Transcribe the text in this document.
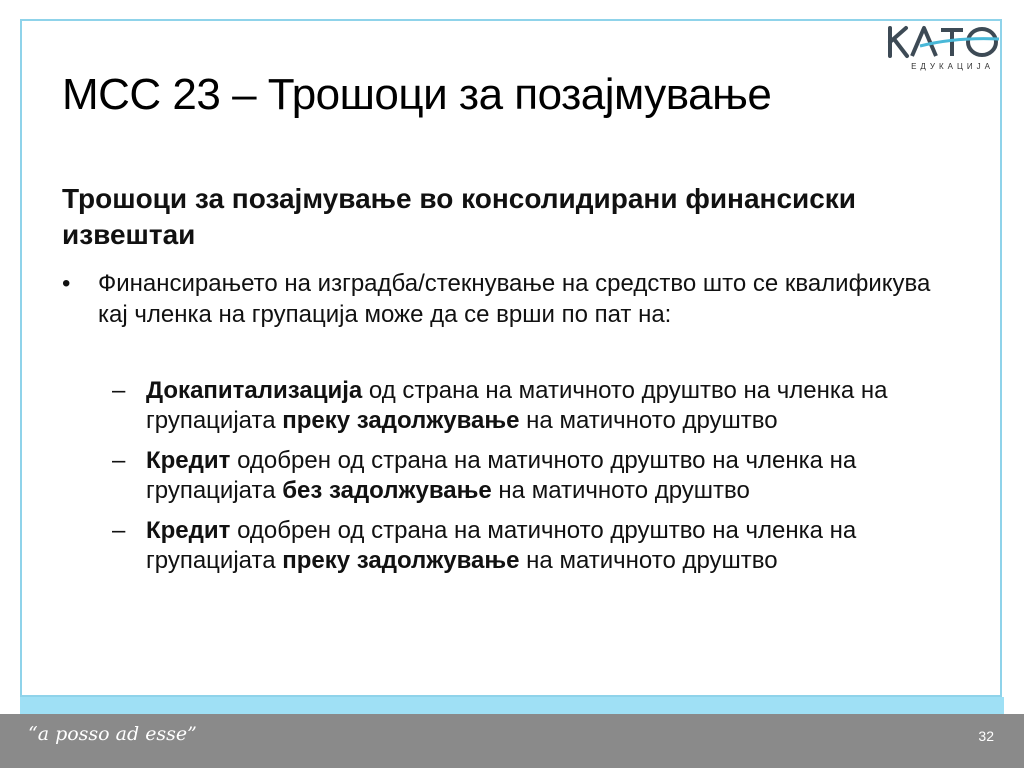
ЕДУКАЦИЈА
МСС 23 – Трошоци за позајмување

Трошоци за позајмување во консолидирани финансиски извештаи

•	Финансирањето на изградба/стекнување на средство што се квалификува кај членка на групација може да се врши по пат на:
– Докапитализација од страна на матичното друштво на членка на групацијата преку задолжување на матичното друштво
– Кредит одобрен од страна на матичното друштво на членка на групацијата без задолжување на матичното друштво
– Кредит одобрен од страна на матичното друштво на членка на групацијата преку задолжување на матичното друштво
“a posso ad esse”	32
